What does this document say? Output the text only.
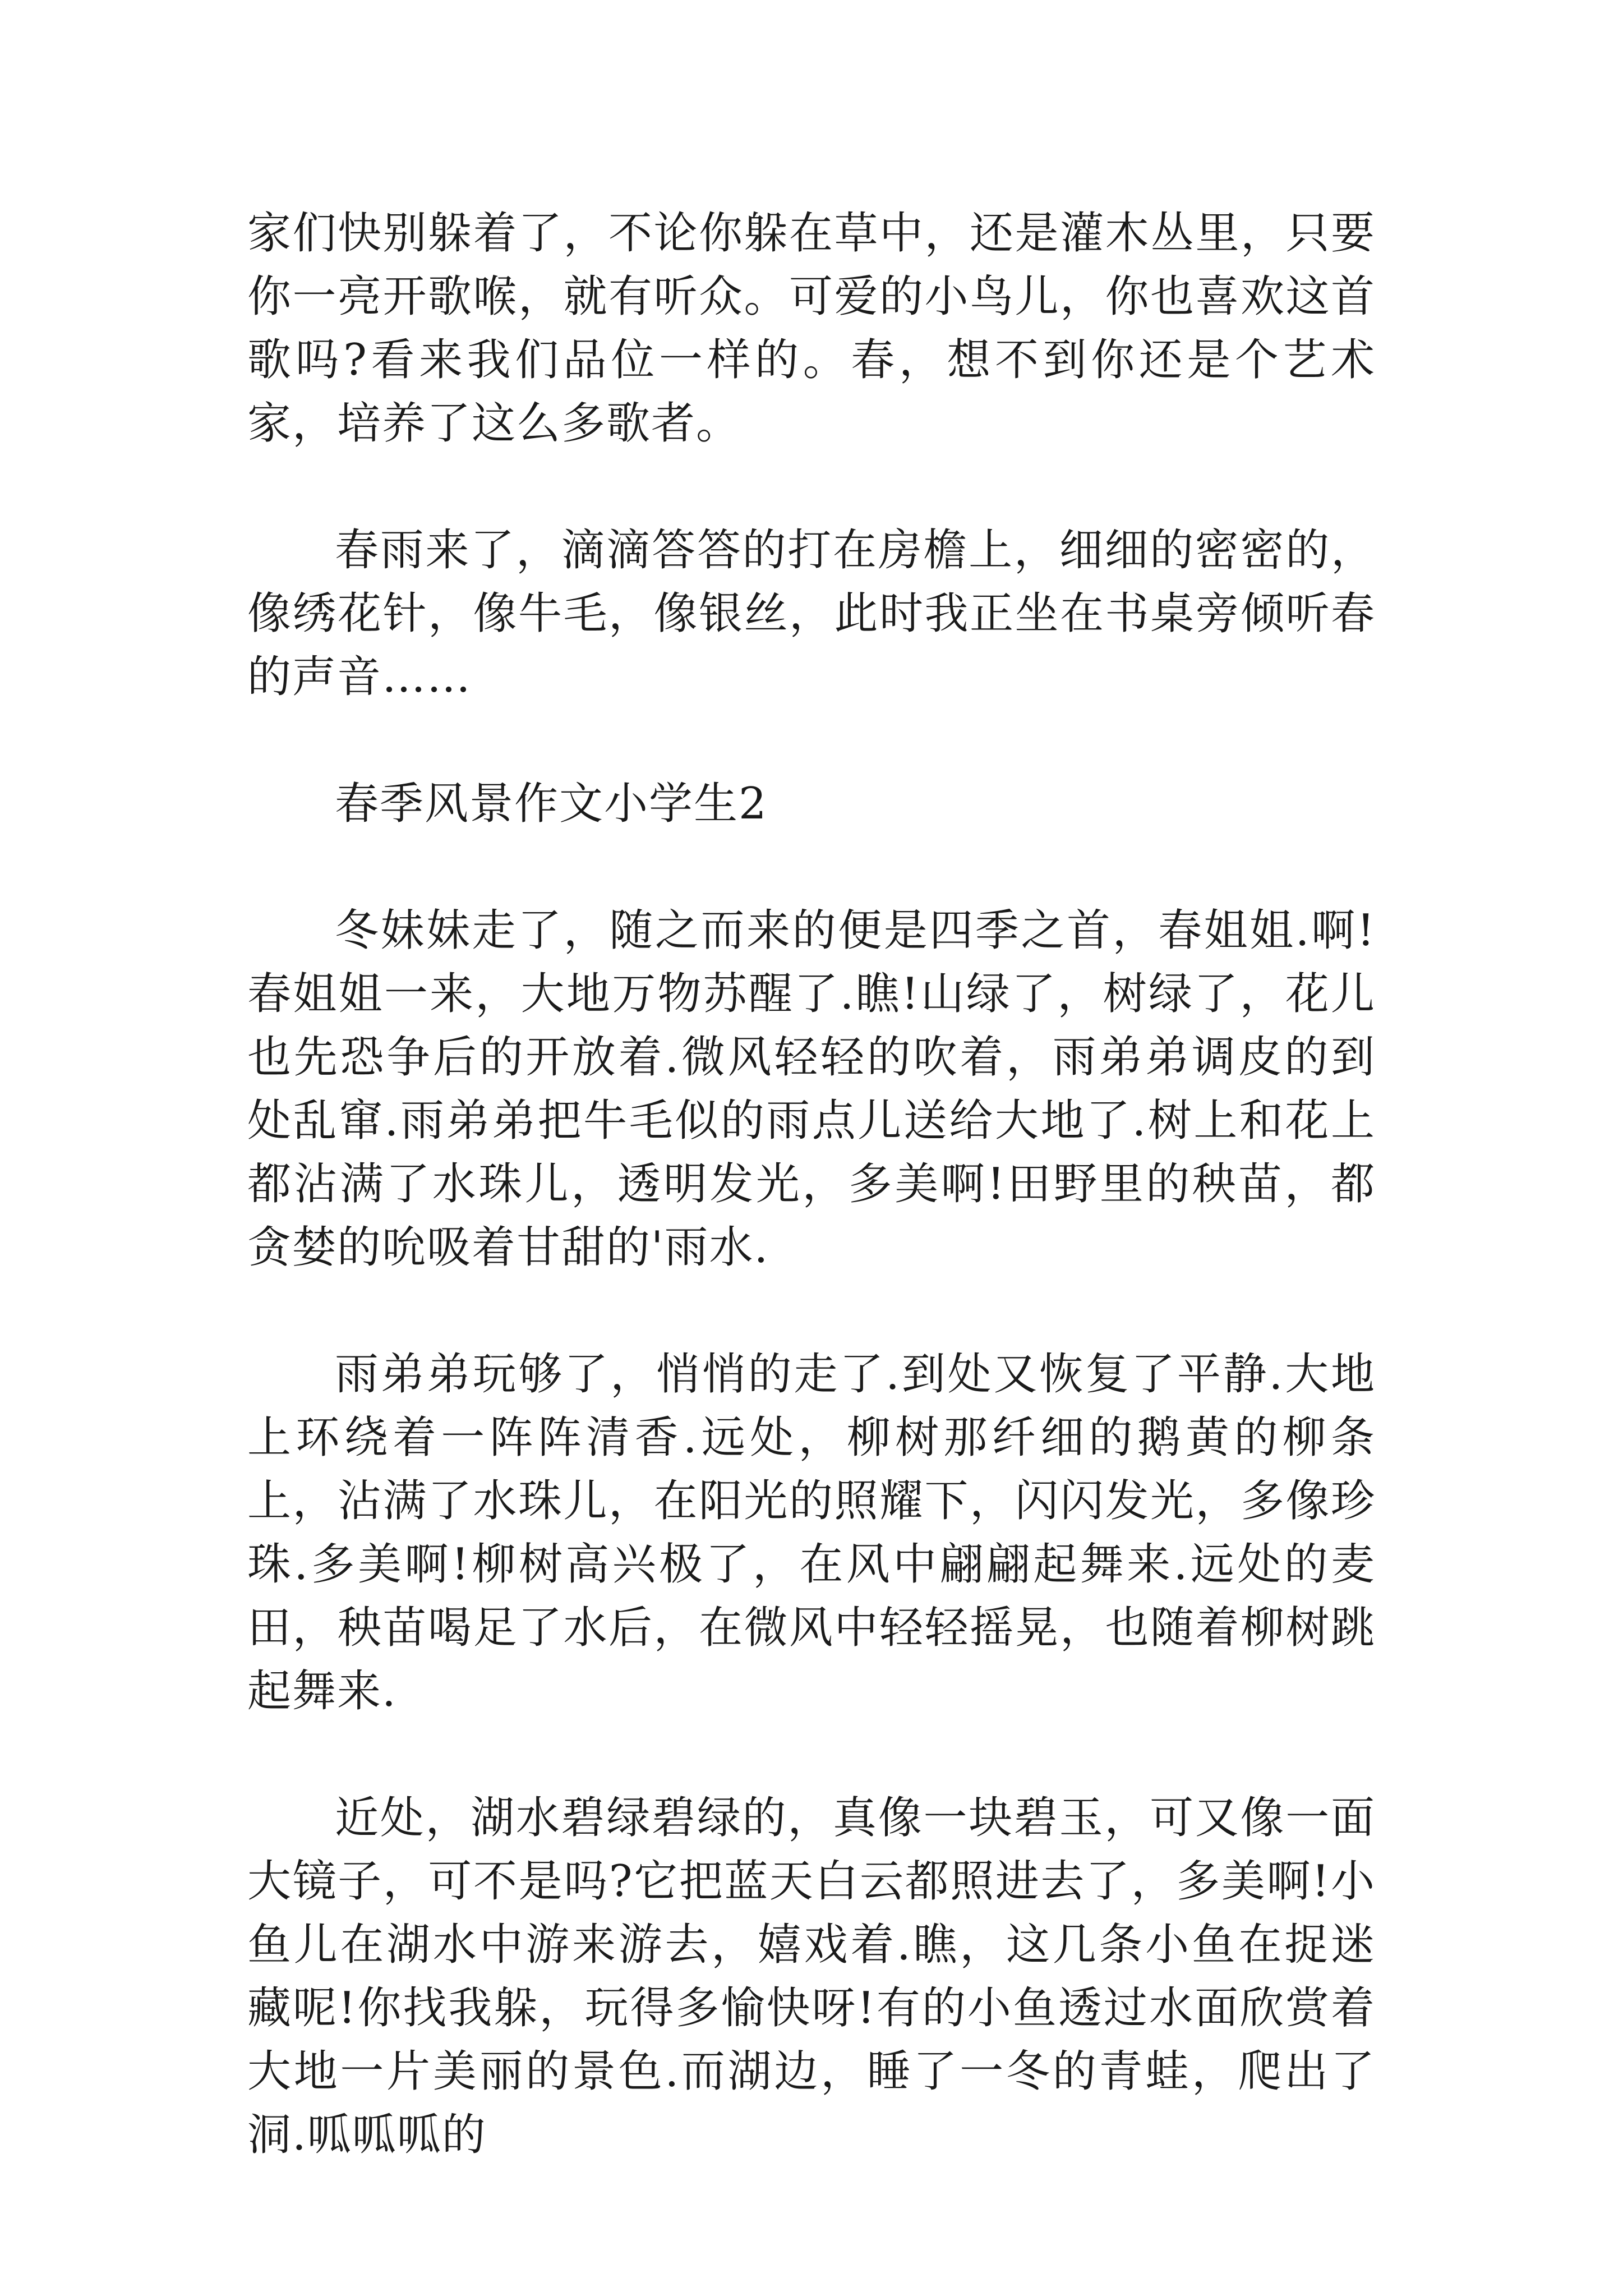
家们快别躲着了，不论你躲在草中，还是灌木丛里，只要你一亮开歌喉，就有听众。可爱的小鸟儿，你也喜欢这首歌吗?看来我们品位一样的。春，想不到你还是个艺术家，培养了这么多歌者。

春雨来了，滴滴答答的打在房檐上，细细的密密的，像绣花针，像牛毛，像银丝，此时我正坐在书桌旁倾听春的声音……

春季风景作文小学生2

冬妹妹走了，随之而来的便是四季之首，春姐姐.啊!春姐姐一来，大地万物苏醒了.瞧!山绿了，树绿了，花儿也先恐争后的开放着.微风轻轻的吹着，雨弟弟调皮的到处乱窜.雨弟弟把牛毛似的雨点儿送给大地了.树上和花上都沾满了水珠儿，透明发光，多美啊!田野里的秧苗，都贪婪的吮吸着甘甜的'雨水.

雨弟弟玩够了，悄悄的走了.到处又恢复了平静.大地上环绕着一阵阵清香.远处，柳树那纤细的鹅黄的柳条上，沾满了水珠儿，在阳光的照耀下，闪闪发光，多像珍珠.多美啊!柳树高兴极了，在风中翩翩起舞来.远处的麦田，秧苗喝足了水后，在微风中轻轻摇晃，也随着柳树跳起舞来.

近处，湖水碧绿碧绿的，真像一块碧玉，可又像一面大镜子，可不是吗?它把蓝天白云都照进去了，多美啊!小鱼儿在湖水中游来游去，嬉戏着.瞧，这几条小鱼在捉迷藏呢!你找我躲，玩得多愉快呀!有的小鱼透过水面欣赏着大地一片美丽的景色.而湖边，睡了一冬的青蛙，爬出了洞.呱呱呱的
